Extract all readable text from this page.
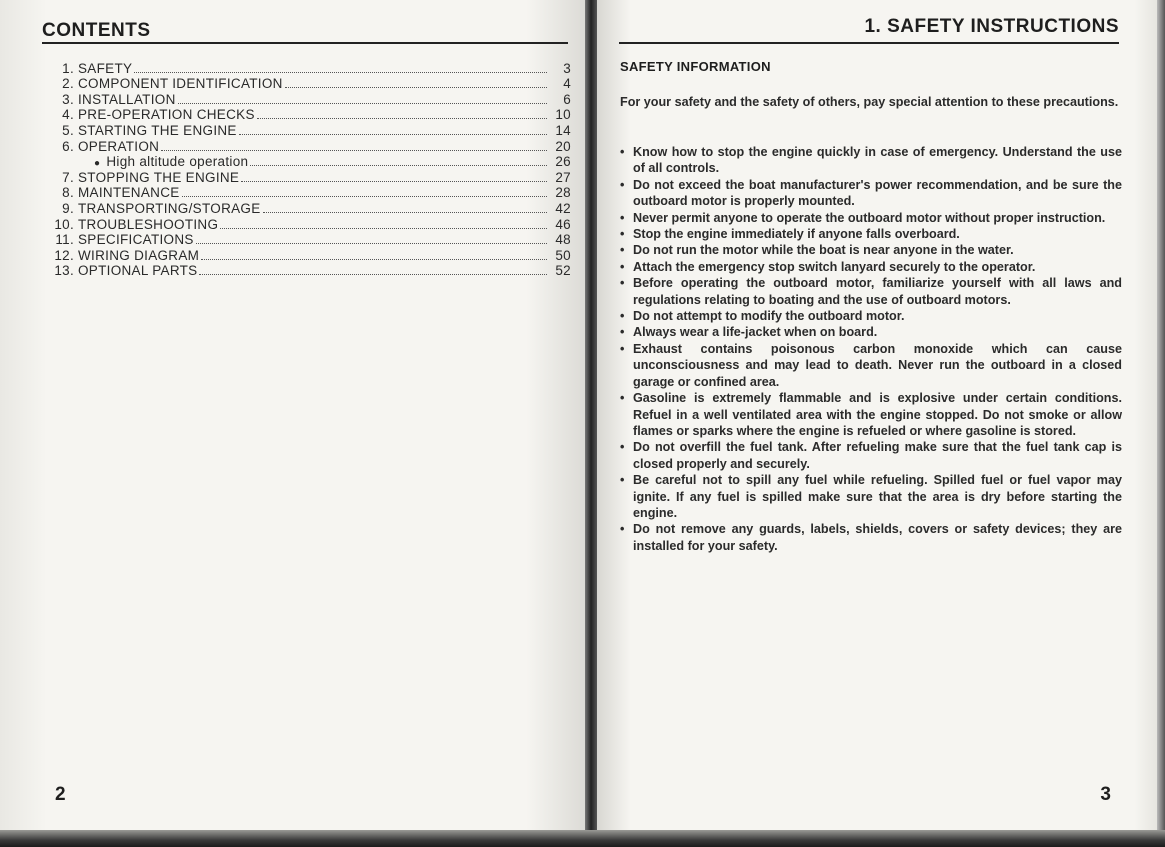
CONTENTS
1. SAFETY	3
2. COMPONENT IDENTIFICATION	4
3. INSTALLATION	6
4. PRE-OPERATION CHECKS	10
5. STARTING THE ENGINE	14
6. OPERATION	20
● High altitude operation	26
7. STOPPING THE ENGINE	27
8. MAINTENANCE	28
9. TRANSPORTING/STORAGE	42
10. TROUBLESHOOTING	46
11. SPECIFICATIONS	48
12. WIRING DIAGRAM	50
13. OPTIONAL PARTS	52
2
1. SAFETY INSTRUCTIONS
SAFETY INFORMATION
For your safety and the safety of others, pay special attention to these precautions.
• Know how to stop the engine quickly in case of emergency. Understand the use of all controls.
• Do not exceed the boat manufacturer's power recommendation, and be sure the outboard motor is properly mounted.
• Never permit anyone to operate the outboard motor without proper instruction.
• Stop the engine immediately if anyone falls overboard.
• Do not run the motor while the boat is near anyone in the water.
• Attach the emergency stop switch lanyard securely to the operator.
• Before operating the outboard motor, familiarize yourself with all laws and regulations relating to boating and the use of outboard motors.
• Do not attempt to modify the outboard motor.
• Always wear a life-jacket when on board.
• Exhaust contains poisonous carbon monoxide which can cause unconsciousness and may lead to death. Never run the outboard in a closed garage or confined area.
• Gasoline is extremely flammable and is explosive under certain conditions. Refuel in a well ventilated area with the engine stopped. Do not smoke or allow flames or sparks where the engine is refueled or where gasoline is stored.
• Do not overfill the fuel tank. After refueling make sure that the fuel tank cap is closed properly and securely.
• Be careful not to spill any fuel while refueling. Spilled fuel or fuel vapor may ignite. If any fuel is spilled make sure that the area is dry before starting the engine.
• Do not remove any guards, labels, shields, covers or safety devices; they are installed for your safety.
3
